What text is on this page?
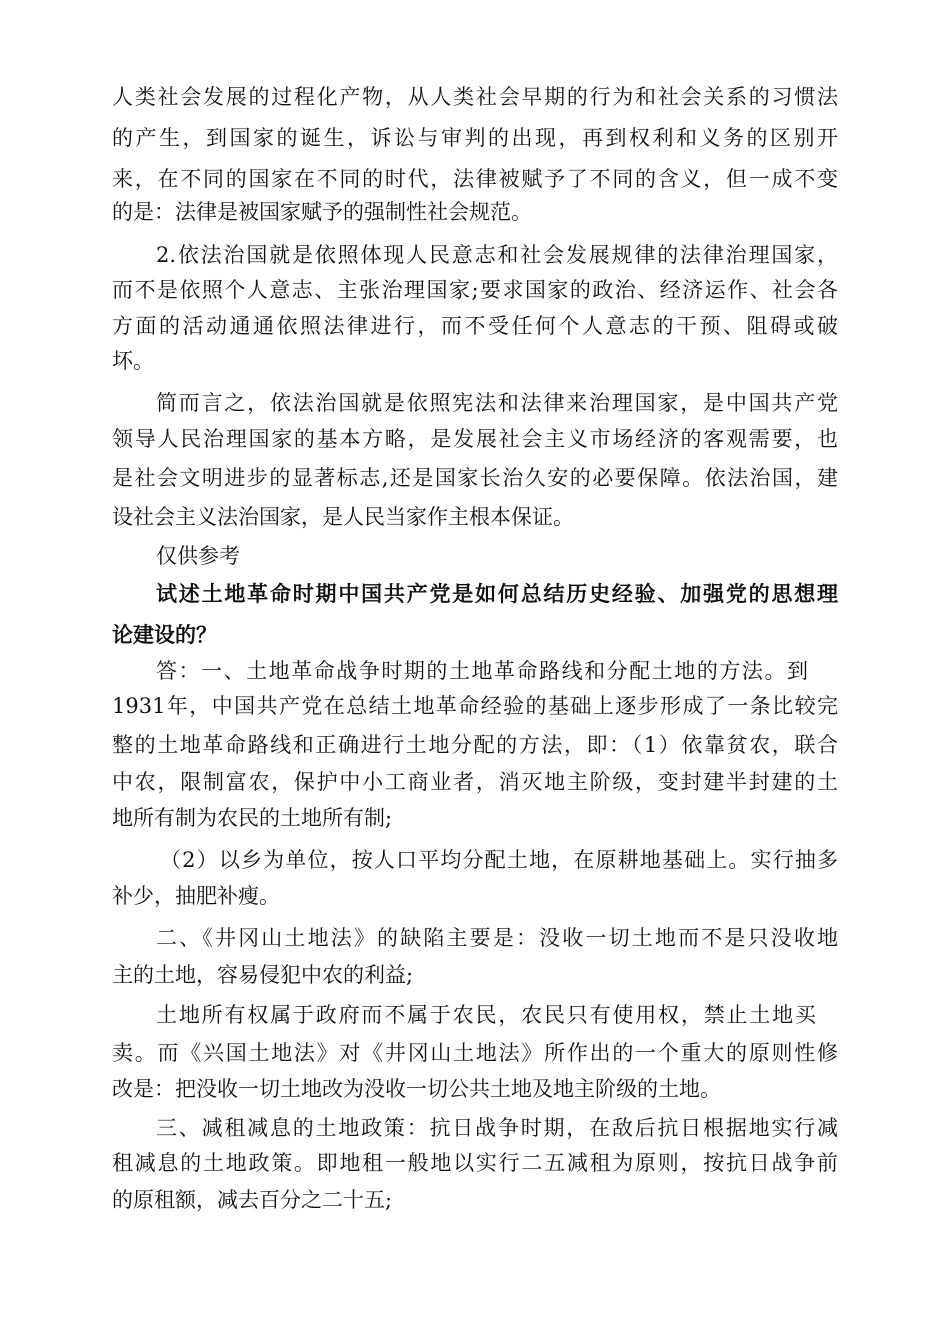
人类社会发展的过程化产物，从人类社会早期的行为和社会关系的习惯法
的产生，到国家的诞生，诉讼与审判的出现，再到权利和义务的区别开
来，在不同的国家在不同的时代，法律被赋予了不同的含义，但一成不变
的是：法律是被国家赋予的强制性社会规范。
2.依法治国就是依照体现人民意志和社会发展规律的法律治理国家，
而不是依照个人意志、主张治理国家;要求国家的政治、经济运作、社会各
方面的活动通通依照法律进行，而不受任何个人意志的干预、阻碍或破
坏。
简而言之，依法治国就是依照宪法和法律来治理国家，是中国共产党
领导人民治理国家的基本方略，是发展社会主义市场经济的客观需要，也
是社会文明进步的显著标志,还是国家长治久安的必要保障。依法治国，建
设社会主义法治国家，是人民当家作主根本保证。
仅供参考
试述土地革命时期中国共产党是如何总结历史经验、加强党的思想理
论建设的？
答：一、土地革命战争时期的土地革命路线和分配土地的方法。到
1931年，中国共产党在总结土地革命经验的基础上逐步形成了一条比较完
整的土地革命路线和正确进行土地分配的方法，即：（1）依靠贫农，联合
中农，限制富农，保护中小工商业者，消灭地主阶级，变封建半封建的土
地所有制为农民的土地所有制;
（2）以乡为单位，按人口平均分配土地，在原耕地基础上。实行抽多
补少，抽肥补瘦。
二、《井冈山土地法》的缺陷主要是：没收一切土地而不是只没收地
主的土地，容易侵犯中农的利益;
土地所有权属于政府而不属于农民，农民只有使用权，禁止土地买
卖。而《兴国土地法》对《井冈山土地法》所作出的一个重大的原则性修
改是：把没收一切土地改为没收一切公共土地及地主阶级的土地。
三、减租减息的土地政策：抗日战争时期，在敌后抗日根据地实行减
租减息的土地政策。即地租一般地以实行二五减租为原则，按抗日战争前
的原租额，减去百分之二十五;
